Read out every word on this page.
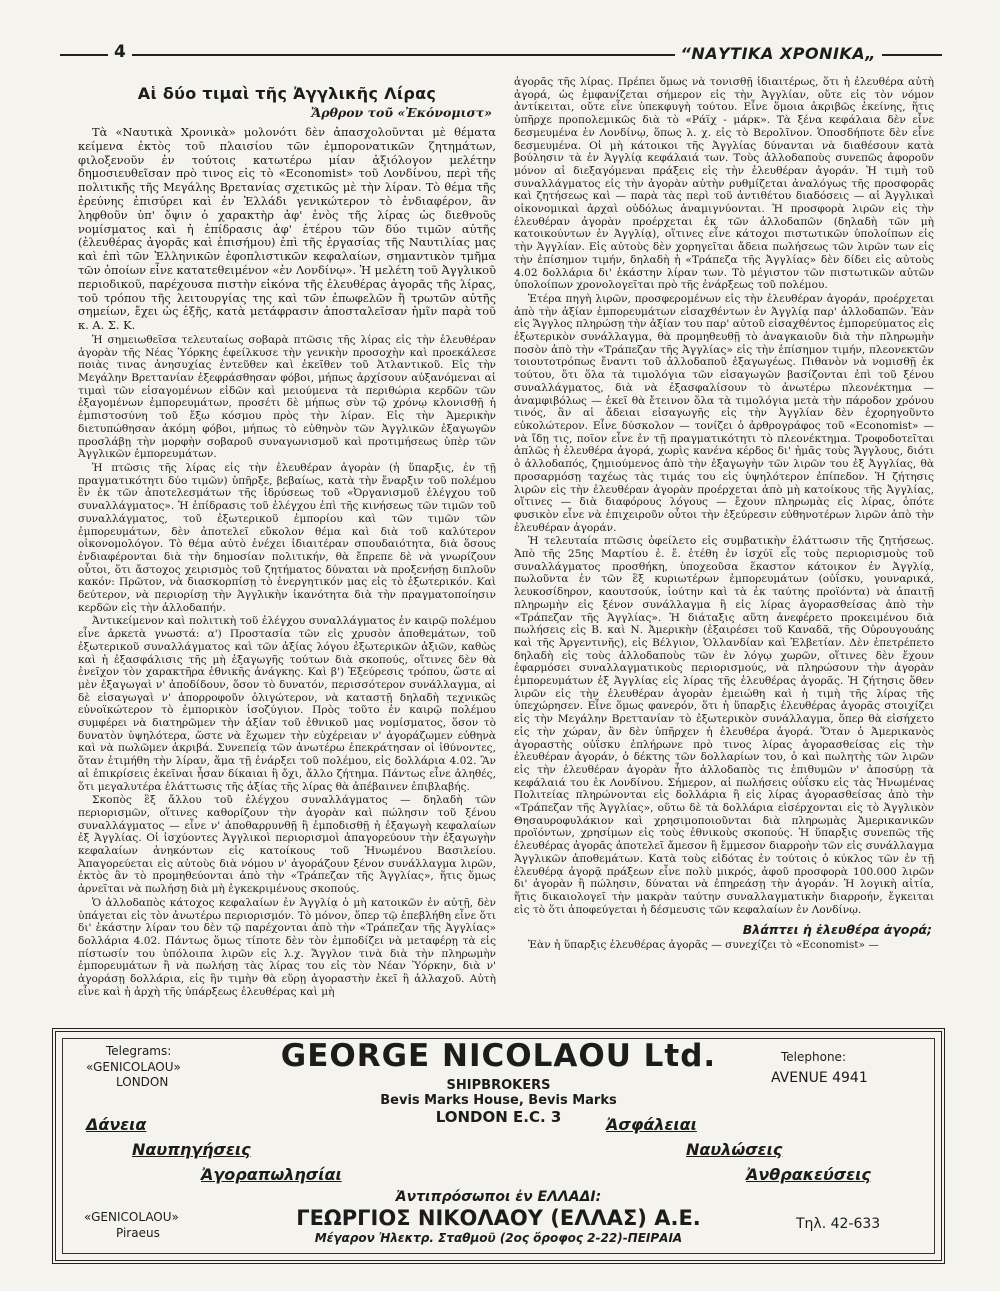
4	“ΝΑΥΤΙΚΑ ΧΡΟΝΙΚΑ„
Αἱ δύο τιμαὶ τῆς Ἀγγλικῆς Λίρας
Ἄρθρον τοῦ «Ἐκόνομιστ»

Τὰ «Ναυτικὰ Χρονικὰ» μολονότι δὲν ἀπασχολοῦνται μὲ θέματα κείμενα ἐκτὸς τοῦ πλαισίου τῶν ἐμπορονατικῶν ζητημάτων, φιλοξενοῦν ἐν τούτοις κατωτέρω μίαν ἀξιόλογον μελέτην δημοσιευθεῖσαν πρὸ τινος εἰς τὸ «Economist» τοῦ Λονδίνου, περὶ τῆς πολιτικῆς τῆς Μεγάλης Βρετανίας σχετικῶς μὲ τὴν λίραν. Τὸ θέμα τῆς ἐρεύνης ἐπισύρει καὶ ἐν Ἑλλάδι γενικώτερον τὸ ἐνδιαφέρον, ἂν ληφθοῦν ὑπ' ὄψιν ὁ χαρακτὴρ ἀφ' ἑνὸς τῆς λίρας ὡς διεθνοῦς νομίσματος καὶ ἡ ἐπίδρασις ἀφ' ἑτέρου τῶν δύο τιμῶν αὐτῆς (ἐλευθέρας ἀγορᾶς καὶ ἐπισήμου) ἐπὶ τῆς ἐργασίας τῆς Ναυτιλίας μας καὶ ἐπὶ τῶν Ἑλληνικῶν ἐφοπλιστικῶν κεφαλαίων, σημαντικὸν τμῆμα τῶν ὁποίων εἶνε κατατεθειμένον «ἐν Λονδίνῳ». Ἡ μελέτη τοῦ Ἀγγλικοῦ περιοδικοῦ, παρέχουσα πιστὴν εἰκόνα τῆς ἐλευθέρας ἀγορᾶς τῆς λίρας, τοῦ τρόπου τῆς λειτουργίας της καὶ τῶν ἐπωφελῶν ἢ τρωτῶν αὐτῆς σημείων, ἔχει ὡς ἑξῆς, κατὰ μετάφρασιν ἀποσταλεῖσαν ἡμῖν παρὰ τοῦ κ. Α. Σ. Κ.

Ἡ σημειωθεῖσα τελευταίως σοβαρὰ πτῶσις τῆς λίρας εἰς τὴν ἐλευθέραν ἀγορὰν τῆς Νέας Ὑόρκης ἐφείλκυσε τὴν γενικὴν προσοχὴν καὶ προεκάλεσε ποιὰς τινας ἀνησυχίας ἐντεῦθεν καὶ ἐκεῖθεν τοῦ Ἀτλαντικοῦ. Εἰς τὴν Μεγάλην Βρεττανίαν ἐξεφράσθησαν φόβοι, μήπως ἀρχίσουν αὐξανόμεναι αἱ τιμαὶ τῶν εἰσαγομένων εἰδῶν καὶ μειούμενα τὰ περιθώρια κερδῶν τῶν ἐξαγομένων ἐμπορευμάτων, προσέτι δὲ μήπως σὺν τῷ χρόνῳ κλονισθῇ ἡ ἐμπιστοσύνη τοῦ ἔξω κόσμου πρὸς τὴν λίραν. Εἰς τὴν Ἀμερικὴν διετυπώθησαν ἀκόμη φόβοι, μήπως τὸ εὐθηνὸν τῶν Ἀγγλικῶν ἐξαγωγῶν προσλάβῃ τὴν μορφὴν σοβαροῦ συναγωνισμοῦ καὶ προτιμήσεως ὑπὲρ τῶν Ἀγγλικῶν ἐμπορευμάτων.

Ἡ πτῶσις τῆς λίρας εἰς τὴν ἐλευθέραν ἀγορὰν (ἡ ὕπαρξις, ἐν τῇ πραγματικότητι δύο τιμῶν) ὑπῆρξε, βεβαίως, κατὰ τὴν ἔναρξιν τοῦ πολέμου ἓν ἐκ τῶν ἀποτελεσμάτων τῆς ἱδρύσεως τοῦ «Ὀργανισμοῦ ἐλέγχου τοῦ συναλλάγματος». Ἡ ἐπίδρασις τοῦ ἐλέγχου ἐπὶ τῆς κινήσεως τῶν τιμῶν τοῦ συναλλάγματος, τοῦ ἐξωτερικοῦ ἐμπορίου καὶ τῶν τιμῶν τῶν ἐμπορευμάτων, δὲν ἀποτελεῖ εὔκολον θέμα καὶ διὰ τοῦ καλύτερον οἰκονομολόγον. Τὸ θέμα αὐτὸ ἐνέχει ἰδιαιτέραν σπουδαιότητα, διὰ ὅσους ἐνδιαφέρονται διὰ τὴν δημοσίαν πολιτικήν, θὰ ἔπρεπε δὲ νὰ γνωρίζουν οὗτοι, ὅτι ἄστοχος χειρισμὸς τοῦ ζητήματος δύναται νὰ προξενήσῃ διπλοῦν κακόν: Πρῶτον, νὰ διασκορπίσῃ τὸ ἐνεργητικόν μας εἰς τὸ ἐξωτερικόν. Καὶ δεύτερον, νὰ περιορίσῃ τὴν Ἀγγλικὴν ἱκανότητα διὰ τὴν πραγματοποίησιν κερδῶν εἰς τὴν ἀλλοδαπήν.

Ἀντικείμενον καὶ πολιτικὴ τοῦ ἐλέγχου συναλλάγματος ἐν καιρῷ πολέμου εἶνε ἀρκετὰ γνωστά: α') Προστασία τῶν εἰς χρυσὸν ἀποθεμάτων, τοῦ ἐξωτερικοῦ συναλλάγματος καὶ τῶν ἀξίας λόγου ἐξωτερικῶν ἀξιῶν, καθὼς καὶ ἡ ἐξασφάλισις τῆς μὴ ἐξαγωγῆς τούτων διὰ σκοπούς, οἵτινες δὲν θὰ ἐνεῖχον τὸν χαρακτῆρα ἐθνικῆς ἀνάγκης. Καὶ β') Ἐξεύρεσις τρόπου, ὥστε αἱ μὲν ἐξαγωγαὶ ν' ἀποδίδουν, ὅσον τὸ δυνατόν, περισσότερον συνάλλαγμα, αἱ δὲ εἰσαγωγαὶ ν' ἀπορροφοῦν ὀλιγώτερον, νὰ καταστῇ δηλαδὴ τεχνικῶς εὐνοϊκώτερον τὸ ἐμπορικὸν ἰσοζύγιον. Πρὸς τοῦτο ἐν καιρῷ πολέμου συμφέρει νὰ διατηρῶμεν τὴν ἀξίαν τοῦ ἐθνικοῦ μας νομίσματος, ὅσον τὸ δυνατὸν ὑψηλότερα, ὥστε νὰ ἔχωμεν τὴν εὐχέρειαν ν' ἀγοράζωμεν εὐθηνὰ καὶ νὰ πωλῶμεν ἀκριβά. Συνεπείᾳ τῶν ἀνωτέρω ἐπεκράτησαν οἱ ἰθύνοντες, ὅταν ἐτιμήθη τὴν λίραν, ἅμα τῇ ἐνάρξει τοῦ πολέμου, εἰς δολλάρια 4.02. Ἂν αἱ ἐπικρίσεις ἐκεῖναι ἦσαν δίκαιαι ἢ ὄχι, ἄλλο ζήτημα. Πάντως εἶνε ἀληθές, ὅτι μεγαλυτέρα ἐλάττωσις τῆς ἀξίας τῆς λίρας θὰ ἀπέβαινεν ἐπιβλαβής.

Σκοπὸς ἓξ ἄλλου τοῦ ἐλέγχου συναλλάγματος — δηλαδὴ τῶν περιορισμῶν, οἵτινες καθορίζουν τὴν ἀγορὰν καὶ πώλησιν τοῦ ξένου συναλλάγματος — εἶνε ν' ἀποθαρρυνθῇ ἢ ἐμποδισθῇ ἡ ἐξαγωγὴ κεφαλαίων ἐξ Ἀγγλίας. Οἱ ἰσχύοντες Ἀγγλικοὶ περιορισμοὶ ἀπαγορεύουν τὴν ἐξαγωγὴν κεφαλαίων ἀνηκόντων εἰς κατοίκους τοῦ Ἡνωμένου Βασιλείου. Ἀπαγορεύεται εἰς αὐτοὺς διὰ νόμου ν' ἀγοράζουν ξένον συνάλλαγμα λιρῶν, ἐκτὸς ἂν τὸ προμηθεύονται ἀπὸ τὴν «Τράπεζαν τῆς Ἀγγλίας», ἥτις ὅμως ἀρνεῖται νὰ πωλήσῃ διὰ μὴ ἐγκεκριμένους σκοπούς.

Ὁ ἀλλοδαπὸς κάτοχος κεφαλαίων ἐν Ἀγγλίᾳ ὁ μὴ κατοικῶν ἐν αὐτῇ, δὲν ὑπάγεται εἰς τὸν ἀνωτέρω περιορισμόν. Τὸ μόνον, ὅπερ τῷ ἐπεβλήθη εἶνε ὅτι δι' ἑκάστην λίραν του δὲν τῷ παρέχονται ἀπὸ τὴν «Τράπεζαν τῆς Ἀγγλίας» δολλάρια 4.02. Πάντως ὅμως τίποτε δὲν τὸν ἐμποδίζει νὰ μεταφέρῃ τὰ εἰς πίστωσίν του ὑπόλοιπα λιρῶν εἰς λ.χ. Ἄγγλον τινὰ διὰ τὴν πληρωμὴν ἐμπορευμάτων ἢ νὰ πωλήσῃ τὰς λίρας του εἰς τὸν Νέαν Ὑόρκην, διὰ ν' ἀγοράσῃ δολλάρια, εἰς ἣν τιμὴν θὰ εὕρῃ ἀγοραστὴν ἐκεῖ ἢ ἀλλαχοῦ. Αὐτὴ εἶνε καὶ ἡ ἀρχὴ τῆς ὑπάρξεως ἐλευθέρας καὶ μὴ

ἀγορᾶς τῆς λίρας. Πρέπει ὅμως νὰ τονισθῇ ἰδιαιτέρως, ὅτι ἡ ἐλευθέρα αὐτὴ ἀγορά, ὡς ἐμφανίζεται σήμερον εἰς τὴν Ἀγγλίαν, οὔτε εἰς τὸν νόμον ἀντίκειται, οὔτε εἶνε ὑπεκφυγὴ τούτου. Εἶνε ὅμοια ἀκριβῶς ἐκείνης, ἥτις ὑπῆρχε προπολεμικῶς διὰ τὸ «Ράϊχ - μάρκ». Τὰ ξένα κεφάλαια δὲν εἶνε δεσμευμένα ἐν Λονδίνῳ, ὅπως λ. χ. εἰς τὸ Βερολῖνον. Ὁποσδήποτε δὲν εἶνε δεσμευμένα. Οἱ μὴ κάτοικοι τῆς Ἀγγλίας δύνανται νὰ διαθέσουν κατὰ βούλησιν τὰ ἐν Ἀγγλίᾳ κεφάλαιά των. Τοὺς ἀλλοδαποὺς συνεπῶς ἀφοροῦν μόνον αἱ διεξαγόμεναι πράξεις εἰς τὴν ἐλευθέραν ἀγοράν. Ἡ τιμὴ τοῦ συναλλάγματος εἰς τὴν ἀγορὰν αὐτὴν ρυθμίζεται ἀναλόγως τῆς προσφορᾶς καὶ ζητήσεως καὶ — παρὰ τὰς περὶ τοῦ ἀντιθέτου διαδόσεις — αἱ Ἀγγλικαὶ οἰκονομικαὶ ἀρχαὶ οὐδόλως ἀναμιγνύονται. Ἡ προσφορὰ λιρῶν εἰς τὴν ἐλευθέραν ἀγορὰν προέρχεται ἐκ τῶν ἀλλοδαπῶν (δηλαδὴ τῶν μὴ κατοικούντων ἐν Ἀγγλίᾳ), οἵτινες εἶνε κάτοχοι πιστωτικῶν ὑπολοίπων εἰς τὴν Ἀγγλίαν. Εἰς αὐτοὺς δὲν χορηγεῖται ἄδεια πωλήσεως τῶν λιρῶν των εἰς τὴν ἐπίσημον τιμήν, δηλαδὴ ἡ «Τράπεζα τῆς Ἀγγλίας» δὲν δίδει εἰς αὐτοὺς 4.02 δολλάρια δι' ἑκάστην λίραν των. Τὸ μέγιστον τῶν πιστωτικῶν αὐτῶν ὑπολοίπων χρονολογεῖται πρὸ τῆς ἐνάρξεως τοῦ πολέμου.

Ἑτέρα πηγὴ λιρῶν, προσφερομένων εἰς τὴν ἐλευθέραν ἀγοράν, προέρχεται ἀπὸ τὴν ἀξίαν ἐμπορευμάτων εἰσαχθέντων ἐν Ἀγγλίᾳ παρ' ἀλλοδαπῶν. Ἐὰν εἰς Ἄγγλος πληρώσῃ τὴν ἀξίαν του παρ' αὐτοῦ εἰσαχθέντος ἐμπορεύματος εἰς ἐξωτερικὸν συνάλλαγμα, θὰ προμηθευθῇ τὸ ἀναγκαιοῦν διὰ τὴν πληρωμὴν ποσὸν ἀπὸ τὴν «Τράπεζαν τῆς Ἀγγλίας» εἰς τὴν ἐπίσημον τιμήν, πλεονεκτῶν τοιουτοτρόπως ἔναντι τοῦ ἀλλοδαποῦ ἐξαγωγέως. Πιθανὸν νὰ νομισθῇ ἐκ τούτου, ὅτι ὅλα τὰ τιμολόγια τῶν εἰσαγωγῶν βασίζονται ἐπὶ τοῦ ξένου συναλλάγματος, διὰ νὰ ἐξασφαλίσουν τὸ ἀνωτέρω πλεονέκτημα — ἀναμφιβόλως — ἐκεῖ θὰ ἔτεινον ὅλα τὰ τιμολόγια μετὰ τὴν πάροδον χρόνου τινός, ἂν αἱ ἄδειαι εἰσαγωγῆς εἰς τὴν Ἀγγλίαν δὲν ἐχορηγοῦντο εὐκολώτερον. Εἶνε δύσκολον — τονίζει ὁ ἀρθρογράφος τοῦ «Economist» — νὰ ἴδῃ τις, ποῖον εἶνε ἐν τῇ πραγματικότητι τὸ πλεονέκτημα. Τροφοδοτεῖται ἁπλῶς ἡ ἐλευθέρα ἀγορά, χωρὶς κανένα κέρδος δι' ἡμᾶς τοὺς Ἄγγλους, διότι ὁ ἀλλοδαπός, ζημιούμενος ἀπὸ τὴν ἐξαγωγὴν τῶν λιρῶν του ἐξ Ἀγγλίας, θὰ προσαρμόσῃ ταχέως τὰς τιμάς του εἰς ὑψηλότερον ἐπίπεδον. Ἡ ζήτησις λιρῶν εἰς τὴν ἐλευθέραν ἀγορὰν προέρχεται ἀπὸ μὴ κατοίκους τῆς Ἀγγλίας, οἵτινες — διὰ διαφόρους λόγους — ἔχουν πληρωμὰς εἰς λίρας, ὁπότε φυσικὸν εἶνε νὰ ἐπιχειροῦν οὗτοι τὴν ἐξεύρεσιν εὐθηνοτέρων λιρῶν ἀπὸ τὴν ἐλευθέραν ἀγοράν.

Ἡ τελευταία πτῶσις ὀφείλετο εἰς συμβατικὴν ἐλάττωσιν τῆς ζητήσεως. Ἀπὸ τῆς 25ης Μαρτίου ἐ. ἔ. ἐτέθη ἐν ἰσχύϊ εἷς τοὺς περιορισμοὺς τοῦ συναλλάγματος προσθήκη, ὑποχεοῦσα ἕκαστον κάτοικον ἐν Ἀγγλίᾳ, πωλοῦντα ἐν τῶν ἓξ κυριωτέρων ἐμπορευμάτων (οὐΐσκυ, γουναρικά, λευκοσίδηρον, καουτσούκ, ἰούτην καὶ τὰ ἐκ ταύτης προϊόντα) νὰ ἀπαιτῇ πληρωμὴν εἰς ξένον συνάλλαγμα ἢ εἰς λίρας ἀγορασθείσας ἀπὸ τὴν «Τράπεζαν τῆς Ἀγγλίας». Ἡ διάταξις αὕτη ἀνεφέρετο προκειμένου διὰ πωλήσεις εἰς Β. καὶ Ν. Ἀμερικὴν (ἐξαιρέσει τοῦ Καναδᾶ, τῆς Οὐρουγουάης καὶ τῆς Ἀργεντινῆς), εἰς Βέλγιον, Ὁλλανδίαν καὶ Ἑλβετίαν. Δὲν ἐπετρέπετο δηλαδὴ εἰς τοὺς ἀλλοδαποὺς τῶν ἐν λόγῳ χωρῶν, οἵτινες δὲν ἔχουν ἐφαρμόσει συναλλαγματικοὺς περιορισμούς, νὰ πληρώσουν τὴν ἀγορὰν ἐμπορευμάτων ἐξ Ἀγγλίας εἰς λίρας τῆς ἐλευθέρας ἀγορᾶς. Ἡ ζήτησις ὅθεν λιρῶν εἰς τὴν ἐλευθέραν ἀγορὰν ἐμειώθη καὶ ἡ τιμὴ τῆς λίρας τῆς ὑπεχώρησεν. Εἶνε ὅμως φανερόν, ὅτι ἡ ὕπαρξις ἐλευθέρας ἀγορᾶς στοιχίζει εἰς τὴν Μεγάλην Βρεττανίαν τὸ ἐξωτερικὸν συνάλλαγμα, ὅπερ θὰ εἰσήχετο εἰς τὴν χώραν, ἂν δὲν ὑπῆρχεν ἡ ἐλευθέρα ἀγορά. Ὅταν ὁ Ἀμερικανὸς ἀγοραστὴς οὐΐσκυ ἐπλήρωνε πρὸ τινος λίρας ἀγορασθείσας εἰς τὴν ἐλευθέραν ἀγοράν, ὁ δέκτης τῶν δολλαρίων του, ὁ καὶ πωλητὴς τῶν λιρῶν εἰς τὴν ἐλευθέραν ἀγορὰν ἦτο ἀλλοδαπὸς τις ἐπιθυμῶν ν' ἀποσύρῃ τὰ κεφάλαιά του ἐκ Λονδίνου. Σήμερον, αἱ πωλήσεις οὐΐσκυ εἰς τὰς Ἡνωμένας Πολιτείας πληρώνονται εἰς δολλάρια ἢ εἰς λίρας ἀγορασθείσας ἀπὸ τὴν «Τράπεζαν τῆς Ἀγγλίας», οὕτω δὲ τὰ δολλάρια εἰσέρχονται εἰς τὸ Ἀγγλικὸν Θησαυροφυλάκιον καὶ χρησιμοποιοῦνται διὰ πληρωμὰς Ἀμερικανικῶν προϊόντων, χρησίμων εἰς τοὺς ἐθνικοὺς σκοπούς. Ἡ ὕπαρξις συνεπῶς τῆς ἐλευθέρας ἀγορᾶς ἀποτελεῖ ἄμεσον ἢ ἔμμεσον διαρροὴν τῶν εἰς συνάλλαγμα Ἀγγλικῶν ἀποθεμάτων. Κατὰ τοὺς εἰδότας ἐν τούτοις ὁ κύκλος τῶν ἐν τῇ ἐλευθέρᾳ ἀγορᾷ πράξεων εἶνε πολὺ μικρός, ἀφοῦ προσφορὰ 100.000 λιρῶν δι' ἀγορὰν ἢ πώλησιν, δύναται νὰ ἐπηρεάσῃ τὴν ἀγοράν. Ἡ λογικὴ αἰτία, ἥτις δικαιολογεῖ τὴν μακρὰν ταύτην συναλλαγματικὴν διαρροήν, ἔγκειται εἰς τὸ ὅτι ἀποφεύγεται ἡ δέσμευσις τῶν κεφαλαίων ἐν Λονδίνῳ.

Βλάπτει ἡ ἐλευθέρα ἀγορά;

Ἐὰν ἡ ὕπαρξις ἐλευθέρας ἀγορᾶς — συνεχίζει τὸ «Economist» —

Telegrams:
«GENICOLAOU»
LONDON
GEORGE NICOLAOU Ltd.
SHIPBROKERS
Bevis Marks House, Bevis Marks
LONDON E.C. 3
Telephone:
AVENUE 4941
Δάνεια
Ναυπηγήσεις
Ἀγοραπωλησίαι
Ἀσφάλειαι
Ναυλώσεις
Ἀνθρακεύσεις
Ἀντιπρόσωποι ἐν ΕΛΛΑΔΙ:
ΓΕΩΡΓΙΟΣ ΝΙΚΟΛΑΟΥ (ΕΛΛΑΣ) Α.Ε.
Μέγαρον Ἠλεκτρ. Σταθμοῦ (2ος ὄροφος 2-22)-ΠΕΙΡΑΙΑ
«GENICOLAOU»
Piraeus
Τηλ. 42-633
